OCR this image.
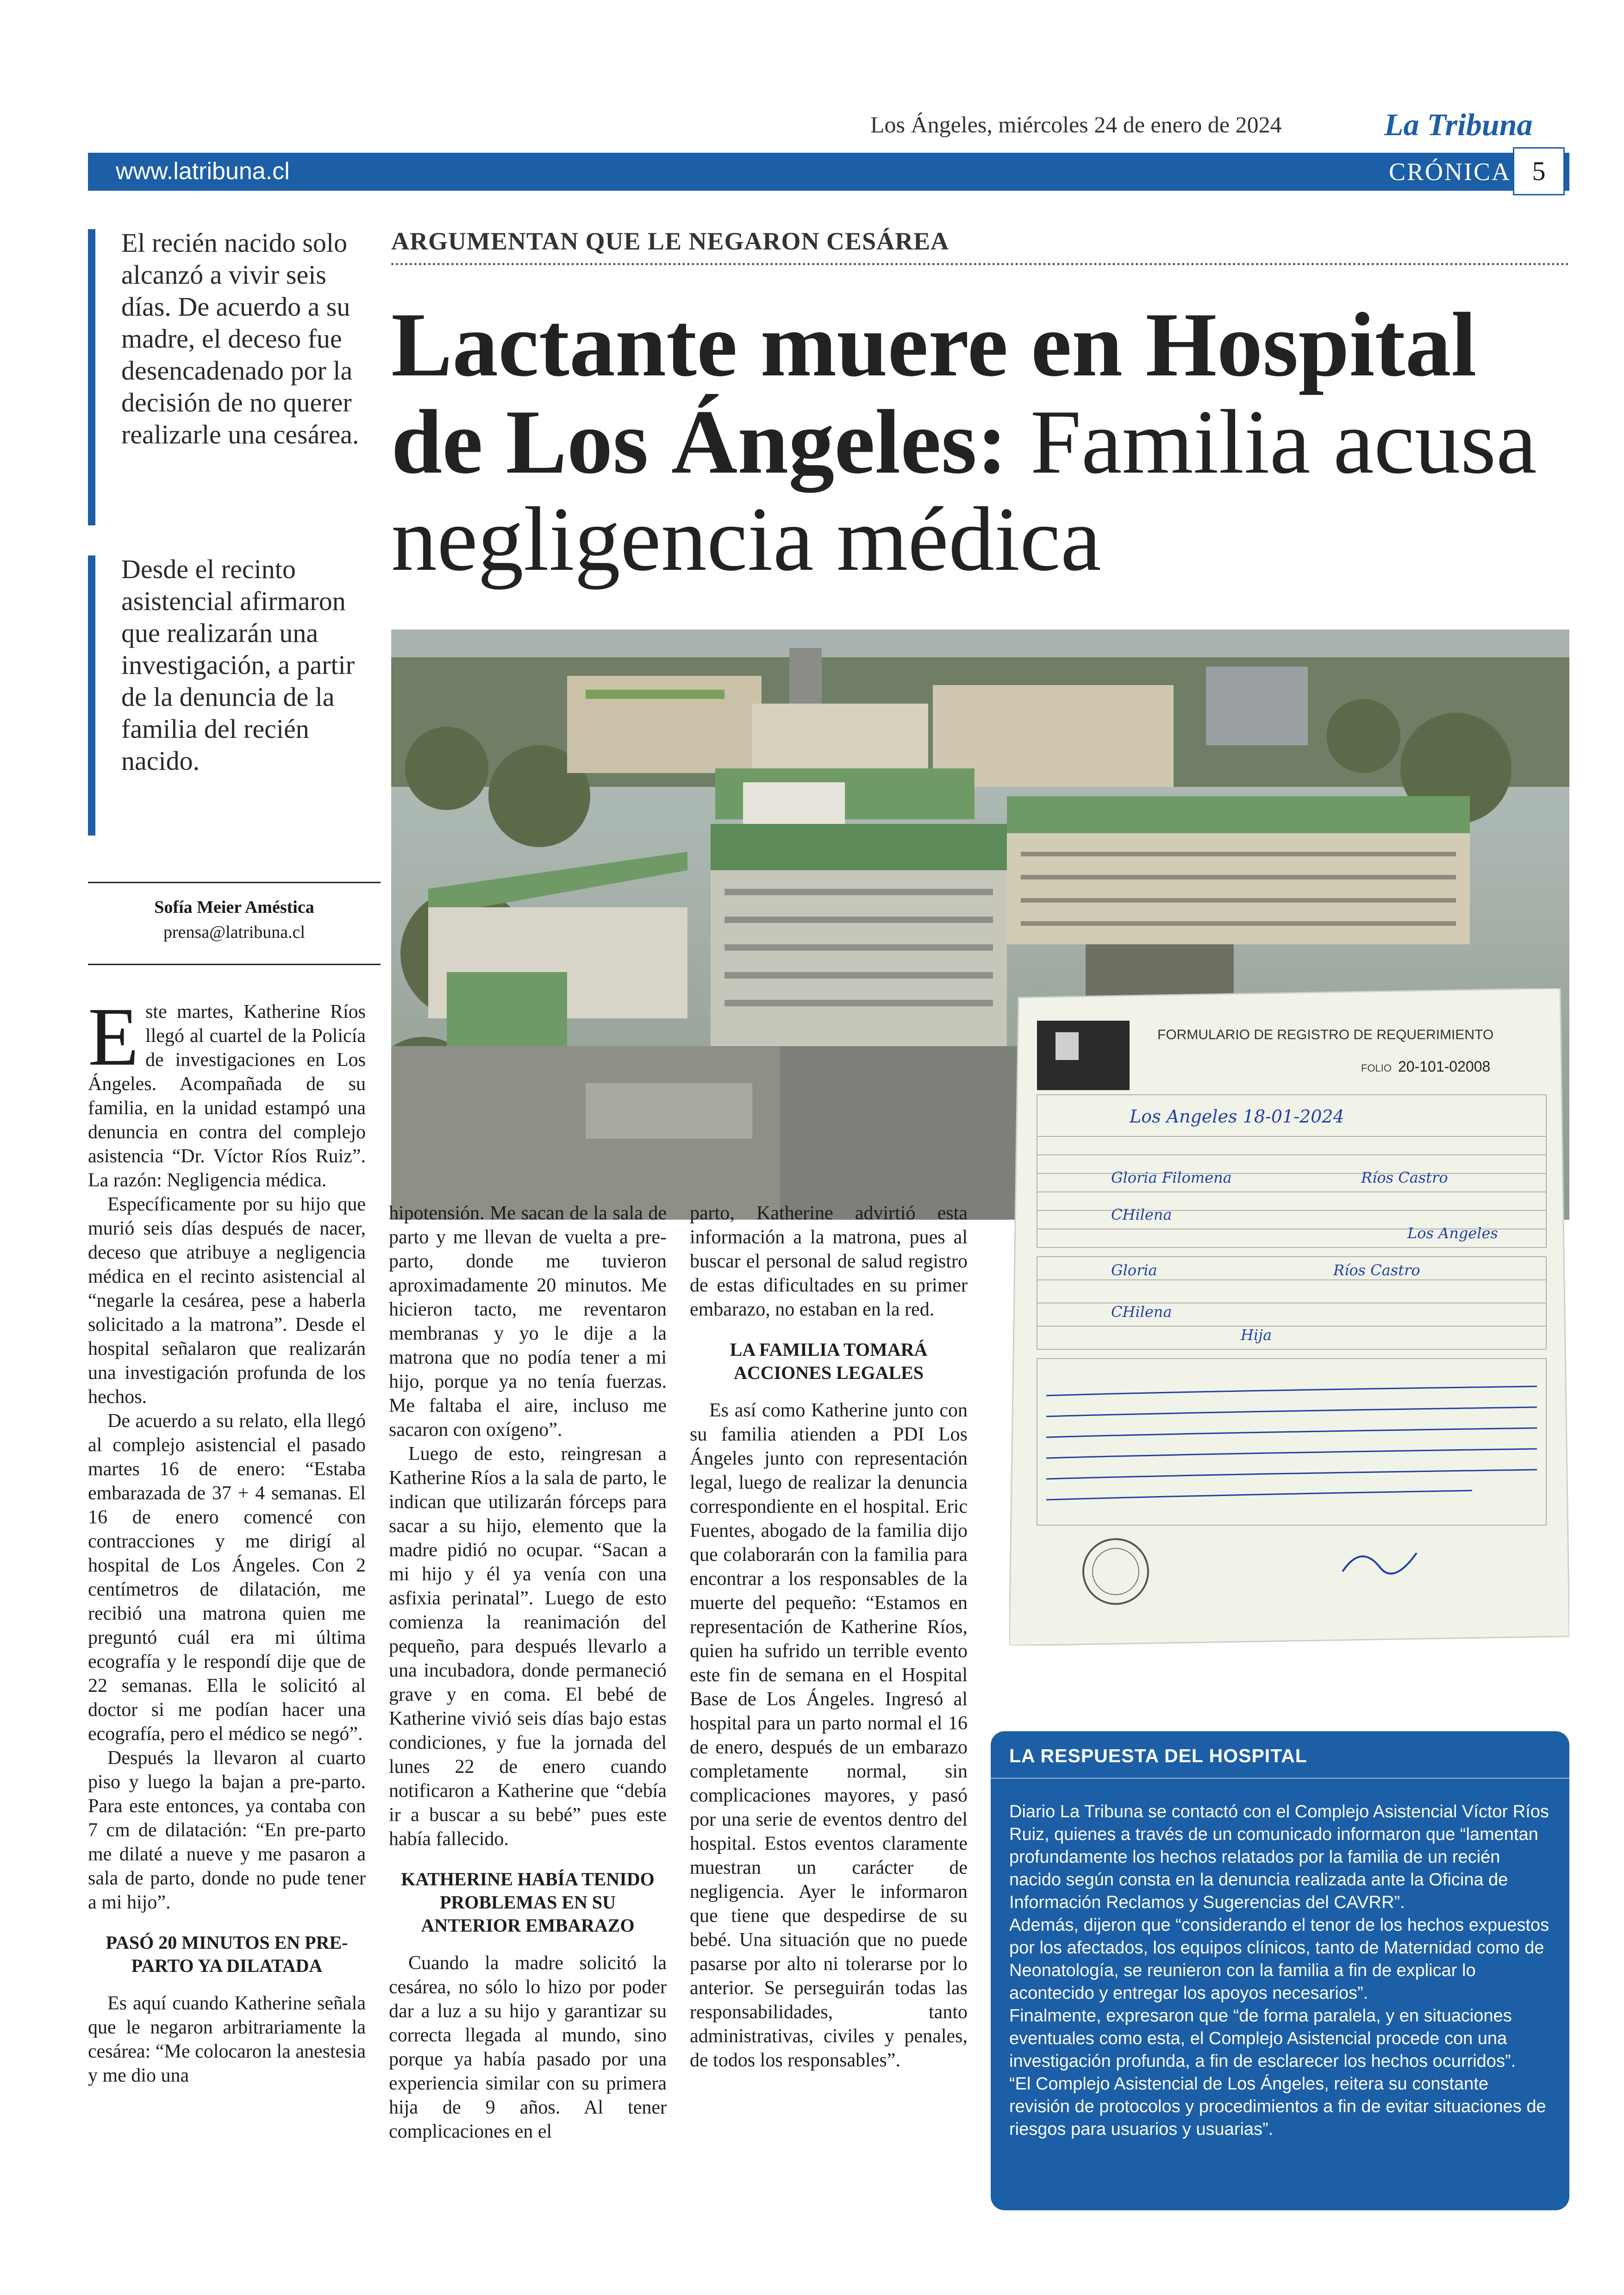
Los Ángeles, miércoles 24 de enero de 2024	La Tribuna
www.latribuna.cl	CRÓNICA 5
El recién nacido solo alcanzó a vivir seis días. De acuerdo a su madre, el deceso fue desencadenado por la decisión de no querer realizarle una cesárea.
Desde el recinto asistencial afirmaron que realizarán una investigación, a partir de la denuncia de la familia del recién nacido.
Sofía Meier Améstica
prensa@latribuna.cl
ARGUMENTAN QUE LE NEGARON CESÁREA
Lactante muere en Hospital de Los Ángeles: Familia acusa negligencia médica
FORMULARIO DE REGISTRO DE REQUERIMIENTO
FOLIO 20-101-02008
Los Angeles 18-01-2024
Gloria Filomena	Ríos Castro
CHilena
Los Angeles
Gloria	Ríos Castro
CHilena
Hija

Este martes, Katherine Ríos llegó al cuartel de la Policía de investigaciones en Los Ángeles. Acompañada de su familia, en la unidad estampó una denuncia en contra del complejo asistencia “Dr. Víctor Ríos Ruiz”. La razón: Negligencia médica.

Específicamente por su hijo que murió seis días después de nacer, deceso que atribuye a negligencia médica en el recinto asistencial al “negarle la cesárea, pese a haberla solicitado a la matrona”. Desde el hospital señalaron que realizarán una investigación profunda de los hechos.

De acuerdo a su relato, ella llegó al complejo asistencial el pasado martes 16 de enero: “Estaba embarazada de 37 + 4 semanas. El 16 de enero comencé con contracciones y me dirigí al hospital de Los Ángeles. Con 2 centímetros de dilatación, me recibió una matrona quien me preguntó cuál era mi última ecografía y le respondí dije que de 22 semanas. Ella le solicitó al doctor si me podían hacer una ecografía, pero el médico se negó”.

Después la llevaron al cuarto piso y luego la bajan a pre-parto. Para este entonces, ya contaba con 7 cm de dilatación: “En pre-parto me dilaté a nueve y me pasaron a sala de parto, donde no pude tener a mi hijo”.

PASÓ 20 MINUTOS EN PRE-PARTO YA DILATADA

Es aquí cuando Katherine señala que le negaron arbitrariamente la cesárea: “Me colocaron la anestesia y me dio una

hipotensión. Me sacan de la sala de parto y me llevan de vuelta a pre-parto, donde me tuvieron aproximadamente 20 minutos. Me hicieron tacto, me reventaron membranas y yo le dije a la matrona que no podía tener a mi hijo, porque ya no tenía fuerzas. Me faltaba el aire, incluso me sacaron con oxígeno”.

Luego de esto, reingresan a Katherine Ríos a la sala de parto, le indican que utilizarán fórceps para sacar a su hijo, elemento que la madre pidió no ocupar. “Sacan a mi hijo y él ya venía con una asfixia perinatal”. Luego de esto comienza la reanimación del pequeño, para después llevarlo a una incubadora, donde permaneció grave y en coma. El bebé de Katherine vivió seis días bajo estas condiciones, y fue la jornada del lunes 22 de enero cuando notificaron a Katherine que “debía ir a buscar a su bebé” pues este había fallecido.

KATHERINE HABÍA TENIDO PROBLEMAS EN SU ANTERIOR EMBARAZO

Cuando la madre solicitó la cesárea, no sólo lo hizo por poder dar a luz a su hijo y garantizar su correcta llegada al mundo, sino porque ya había pasado por una experiencia similar con su primera hija de 9 años. Al tener complicaciones en el

parto, Katherine advirtió esta información a la matrona, pues al buscar el personal de salud registro de estas dificultades en su primer embarazo, no estaban en la red.

LA FAMILIA TOMARÁ ACCIONES LEGALES

Es así como Katherine junto con su familia atienden a PDI Los Ángeles junto con representación legal, luego de realizar la denuncia correspondiente en el hospital. Eric Fuentes, abogado de la familia dijo que colaborarán con la familia para encontrar a los responsables de la muerte del pequeño: “Estamos en representación de Katherine Ríos, quien ha sufrido un terrible evento este fin de semana en el Hospital Base de Los Ángeles. Ingresó al hospital para un parto normal el 16 de enero, después de un embarazo completamente normal, sin complicaciones mayores, y pasó por una serie de eventos dentro del hospital. Estos eventos claramente muestran un carácter de negligencia. Ayer le informaron que tiene que despedirse de su bebé. Una situación que no puede pasarse por alto ni tolerarse por lo anterior. Se perseguirán todas las responsabilidades, tanto administrativas, civiles y penales, de todos los responsables”.

LA RESPUESTA DEL HOSPITAL

Diario La Tribuna se contactó con el Complejo Asistencial Víctor Ríos Ruiz, quienes a través de un comunicado informaron que “lamentan profundamente los hechos relatados por la familia de un recién nacido según consta en la denuncia realizada ante la Oficina de Información Reclamos y Sugerencias del CAVRR”.

Además, dijeron que “considerando el tenor de los hechos expuestos por los afectados, los equipos clínicos, tanto de Maternidad como de Neonatología, se reunieron con la familia a fin de explicar lo acontecido y entregar los apoyos necesarios”.

Finalmente, expresaron que “de forma paralela, y en situaciones eventuales como esta, el Complejo Asistencial procede con una investigación profunda, a fin de esclarecer los hechos ocurridos”.

“El Complejo Asistencial de Los Ángeles, reitera su constante revisión de protocolos y procedimientos a fin de evitar situaciones de riesgos para usuarios y usuarias”.
